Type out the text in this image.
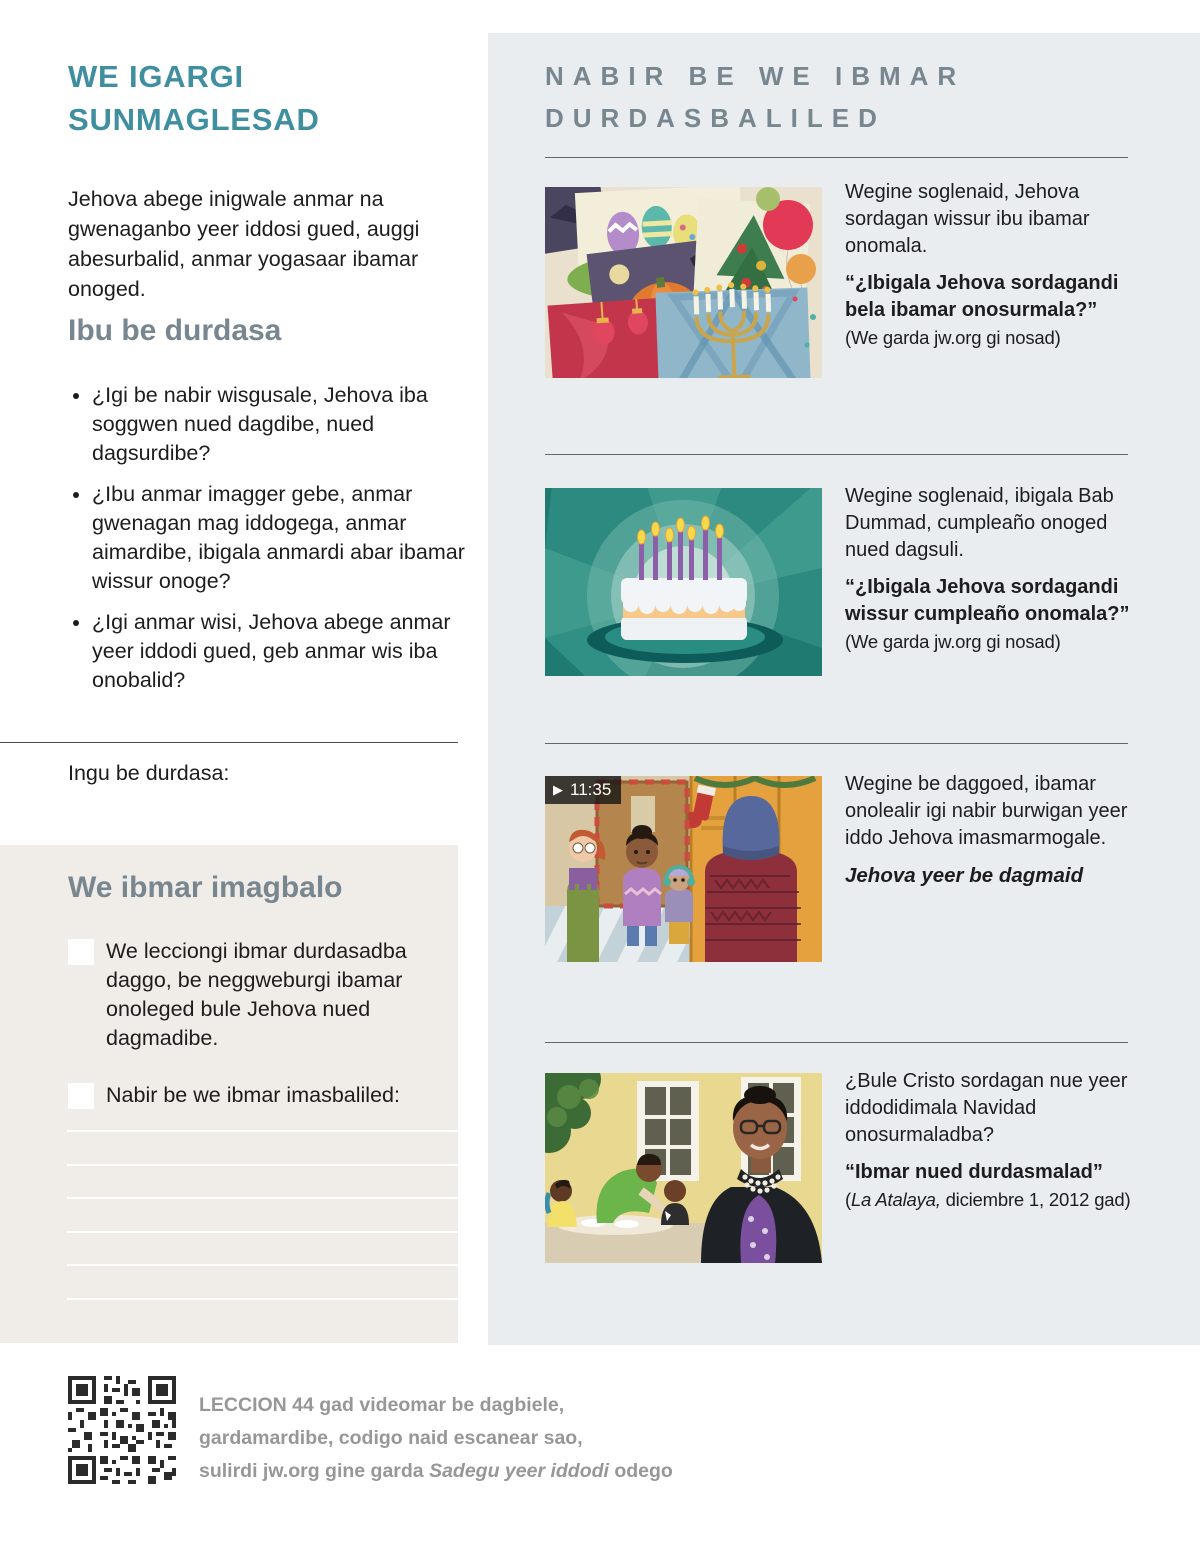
WE IGARGI SUNMAGLESAD

Jehova abege inigwale anmar na gwenaganbo yeer iddosi gued, auggi abesurbalid, anmar yogasaar ibamar onoged.

Ibu be durdasa
• ¿Igi be nabir wisgusale, Jehova iba soggwen nued dagdibe, nued dagsurdibe?
• ¿Ibu anmar imagger gebe, anmar gwenagan mag iddogega, anmar aimardibe, ibigala anmardi abar ibamar wissur onoge?
• ¿Igi anmar wisi, Jehova abege anmar yeer iddodi gued, geb anmar wis iba onobalid?
Ingu be durdasa:
We ibmar imagbalo
We lecciongi ibmar durdasadba daggo, be neggweburgi ibamar onoleged bule Jehova nued dagmadibe.
Nabir be we ibmar imasbaliled:
NABIR BE WE IBMAR DURDASBALILED

Wegine soglenaid, Jehova sordagan wissur ibu ibamar onomala.

“¿Ibigala Jehova sordagandi bela ibamar onosurmala?”

(We garda jw.org gi nosad)

Wegine soglenaid, ibigala Bab Dummad, cumpleaño onoged nued dagsuli.

“¿Ibigala Jehova sordagandi wissur cumpleaño onomala?”

(We garda jw.org gi nosad)

▶ 11:35	Wegine be daggoed, ibamar onolealir igi nabir burwigan yeer iddo Jehova imasmarmogale.

Jehova yeer be dagmaid

¿Bule Cristo sordagan nue yeer iddodidimala Navidad onosurmaladba?

“Ibmar nued durdasmalad”

(La Atalaya, diciembre 1, 2012 gad)

LECCION 44 gad videomar be dagbiele,
gardamardibe, codigo naid escanear sao,
sulirdi jw.org gine garda Sadegu yeer iddodi odego
